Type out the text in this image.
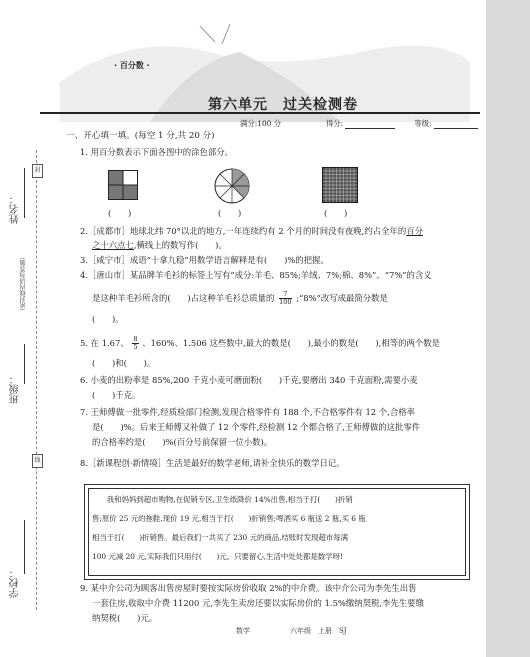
· 百分数 ·
第六单元　过关检测卷
满分:100 分	得分:	等级:
封
线
姓名：
（密封线内请勿答题）
班级：
学校：
一、开心填一填。(每空 1 分,共 20 分)
1. 用百分数表示下面各图中的涂色部分。
(　　)	(　　)	(　　)
2.［成都市］地球北纬 70°以北的地方,一年连续约有 2 个月的时间没有夜晚,约占全年的百分
之十六点七,横线上的数写作(　　)。
3.［咸宁市］成语“十拿九稳”用数学语言解释是有(　　)%的把握。
4.［唐山市］某品牌羊毛衫的标签上写有“成分:羊毛、85%;羊绒、7%;棉、8%”。“7%”的含义
是这种羊毛衫所含的(　　)占这种羊毛衫总质量的 $\frac{7}{100}$ ;“8%”改写成最简分数是
(　　)。
5. 在 1.67、 $\frac{8}{5}$ 、160%、1.506 这些数中,最大的数是(　　),最小的数是(　　),相等的两个数是
(　　)和(　　)。
6. 小麦的出粉率是 85%,200 千克小麦可磨面粉(　　)千克,要磨出 340 千克面粉,需要小麦
(　　)千克。
7. 王师傅做一批零件,经质检部门检测,发现合格零件有 188 个,不合格零件有 12 个,合格率
是(　　)%。后来王师傅又补做了 12 个零件,经检测 12 个都合格了,王师傅做的这批零件
的合格率约是(　　)%(百分号前保留一位小数)。
8.［新课程创·新情境］生活是最好的数学老师,请补全快乐的数学日记。
　　我和妈妈到超市购物,在促销专区,卫生纸降价 14%出售,相当于打(　　)折销
售;原价 25 元的拖鞋,现价 19 元,相当于打(　　)折销售;啤酒买 6 瓶送 2 瓶,买 6 瓶
相当于打(　　)折销售。最后我们一共买了 230 元的商品,结账时发现超市每满
100 元减 20 元,实际我们只用付(　　)元。只要留心,生活中处处都是数学呀!
9. 某中介公司为顾客出售房屋时要按实际房价收取 2%的中介费。该中介公司为李先生出售
一套住房,收取中介费 11200 元,李先生卖房还要以实际房价的 1.5%缴纳契税,李先生要缴
纳契税(　　)元。
数学	六年级　上册　SJ
